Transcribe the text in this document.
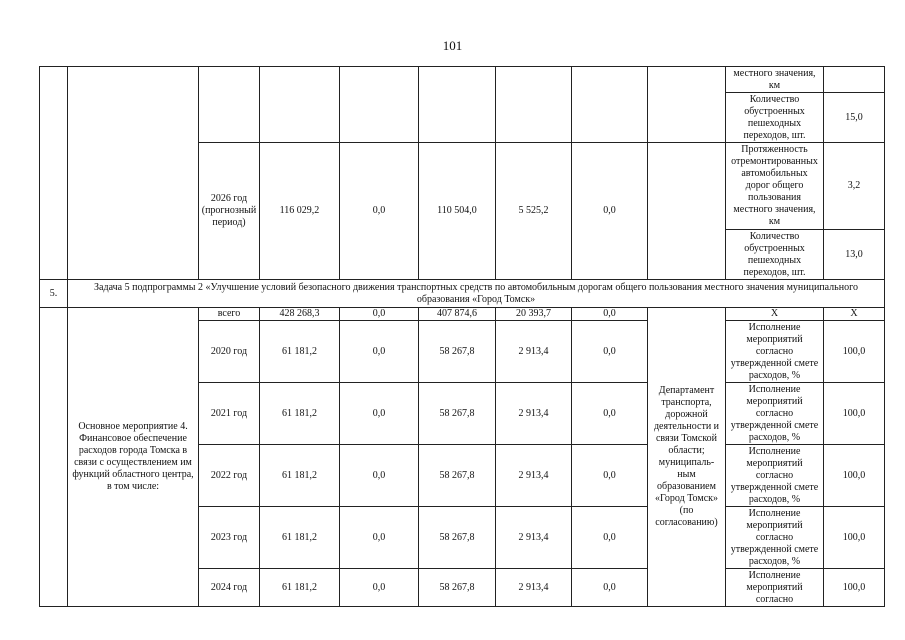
101

									местного значения, км	

									Количество обустроенных пешеходных переходов, шт.	15,0
		2026 год (прогнозный период)	116 029,2	0,0	110 504,0	5 525,2	0,0		Протяженность отремонтированных автомобильных дорог общего пользования местного значения, км	3,2
									Количество обустроенных пешеходных переходов, шт.	13,0
5.	Задача 5 подпрограммы 2 «Улучшение условий безопасного движения транспортных средств по автомобильным дорогам общего пользования местного значения муниципального образования «Город Томск»									
	Основное мероприятие 4. Финансовое обеспечение расходов города Томска в связи с осуществлением им функций областного центра, в том числе:	всего	428 268,3	0,0	407 874,6	20 393,7	0,0	Департамент транспорта, дорожной деятельности и связи Томской области; муниципаль-ным образованием «Город Томск» (по согласованию)	X	X
		2020 год	61 181,2	0,0	58 267,8	2 913,4	0,0		Исполнение мероприятий согласно утвержденной смете расходов, %	100,0
		2021 год	61 181,2	0,0	58 267,8	2 913,4	0,0		Исполнение мероприятий согласно утвержденной смете расходов, %	100,0
		2022 год	61 181,2	0,0	58 267,8	2 913,4	0,0		Исполнение мероприятий согласно утвержденной смете расходов, %	100,0
		2023 год	61 181,2	0,0	58 267,8	2 913,4	0,0		Исполнение мероприятий согласно утвержденной смете расходов, %	100,0
		2024 год	61 181,2	0,0	58 267,8	2 913,4	0,0		Исполнение мероприятий согласно	100,0
